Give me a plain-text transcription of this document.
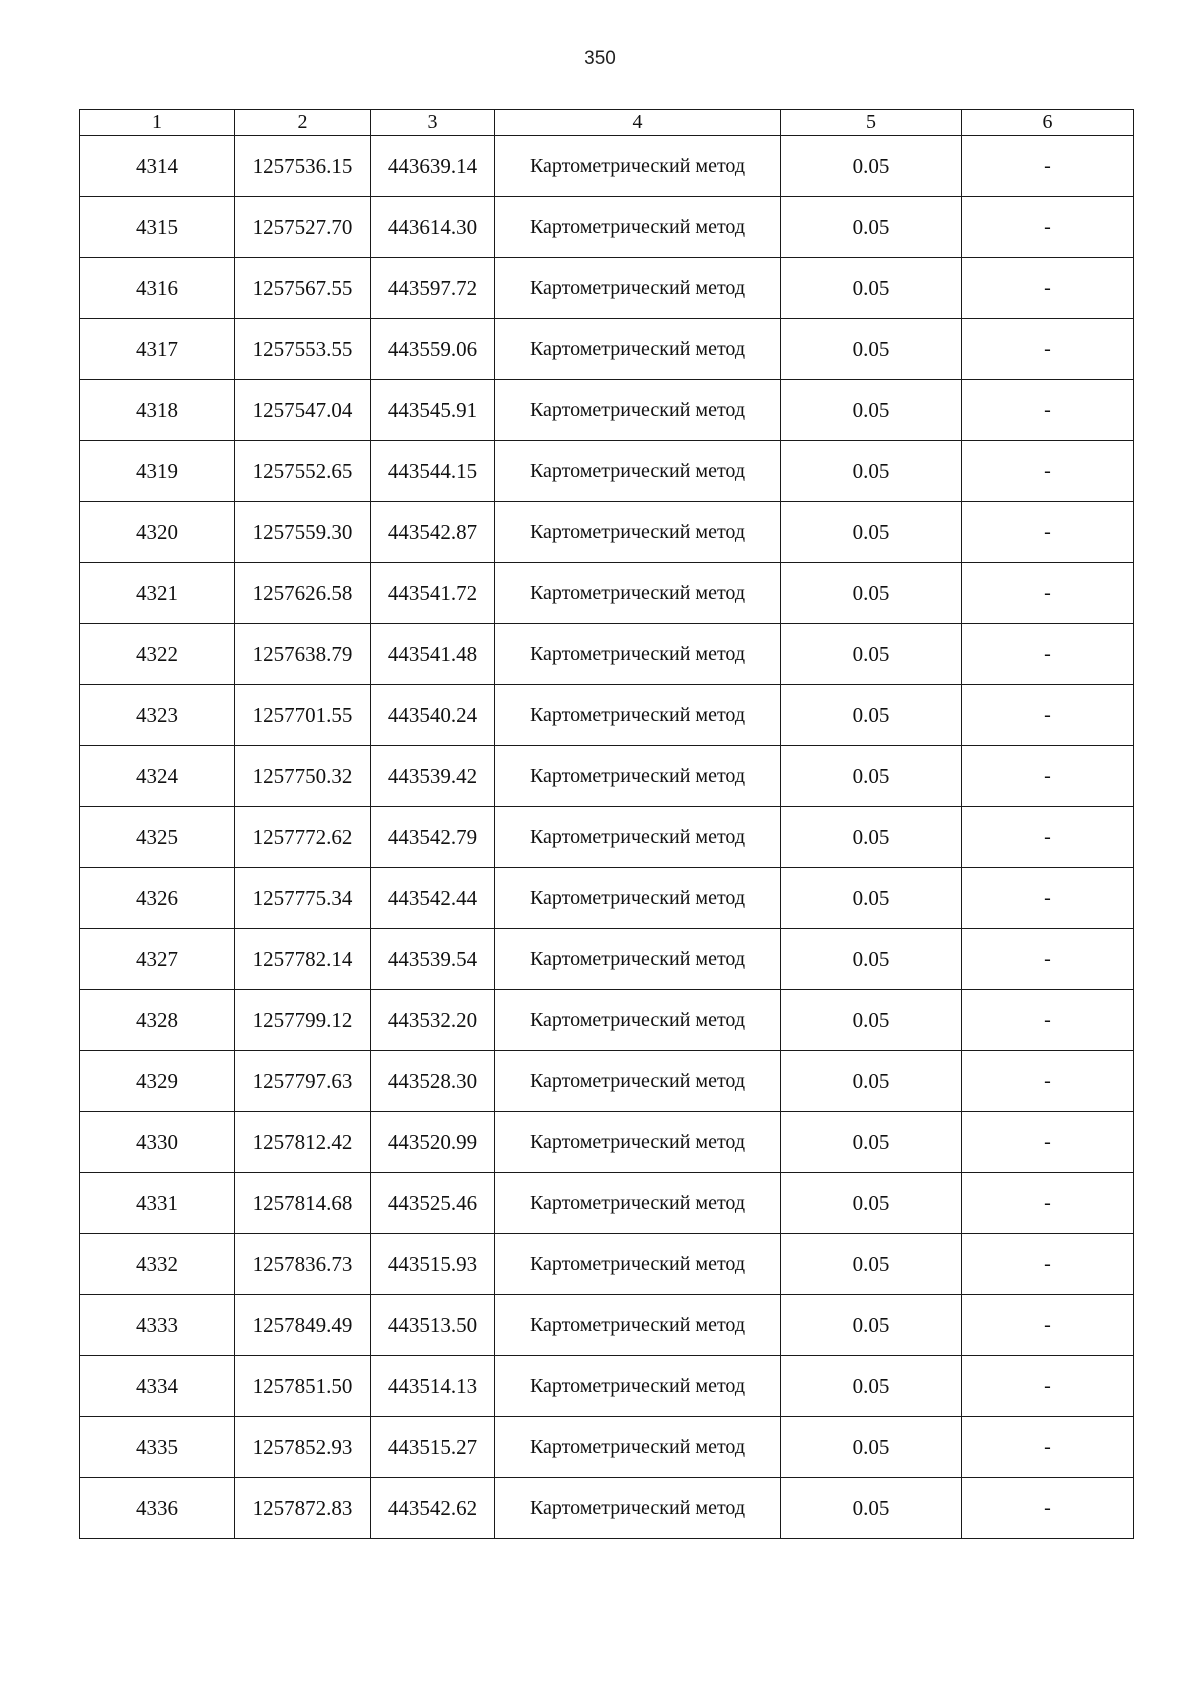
350
1	2	3	4	5	6
4314	1257536.15	443639.14	Картометрический метод	0.05	-
4315	1257527.70	443614.30	Картометрический метод	0.05	-
4316	1257567.55	443597.72	Картометрический метод	0.05	-
4317	1257553.55	443559.06	Картометрический метод	0.05	-
4318	1257547.04	443545.91	Картометрический метод	0.05	-
4319	1257552.65	443544.15	Картометрический метод	0.05	-
4320	1257559.30	443542.87	Картометрический метод	0.05	-
4321	1257626.58	443541.72	Картометрический метод	0.05	-
4322	1257638.79	443541.48	Картометрический метод	0.05	-
4323	1257701.55	443540.24	Картометрический метод	0.05	-
4324	1257750.32	443539.42	Картометрический метод	0.05	-
4325	1257772.62	443542.79	Картометрический метод	0.05	-
4326	1257775.34	443542.44	Картометрический метод	0.05	-
4327	1257782.14	443539.54	Картометрический метод	0.05	-
4328	1257799.12	443532.20	Картометрический метод	0.05	-
4329	1257797.63	443528.30	Картометрический метод	0.05	-
4330	1257812.42	443520.99	Картометрический метод	0.05	-
4331	1257814.68	443525.46	Картометрический метод	0.05	-
4332	1257836.73	443515.93	Картометрический метод	0.05	-
4333	1257849.49	443513.50	Картометрический метод	0.05	-
4334	1257851.50	443514.13	Картометрический метод	0.05	-
4335	1257852.93	443515.27	Картометрический метод	0.05	-
4336	1257872.83	443542.62	Картометрический метод	0.05	-
